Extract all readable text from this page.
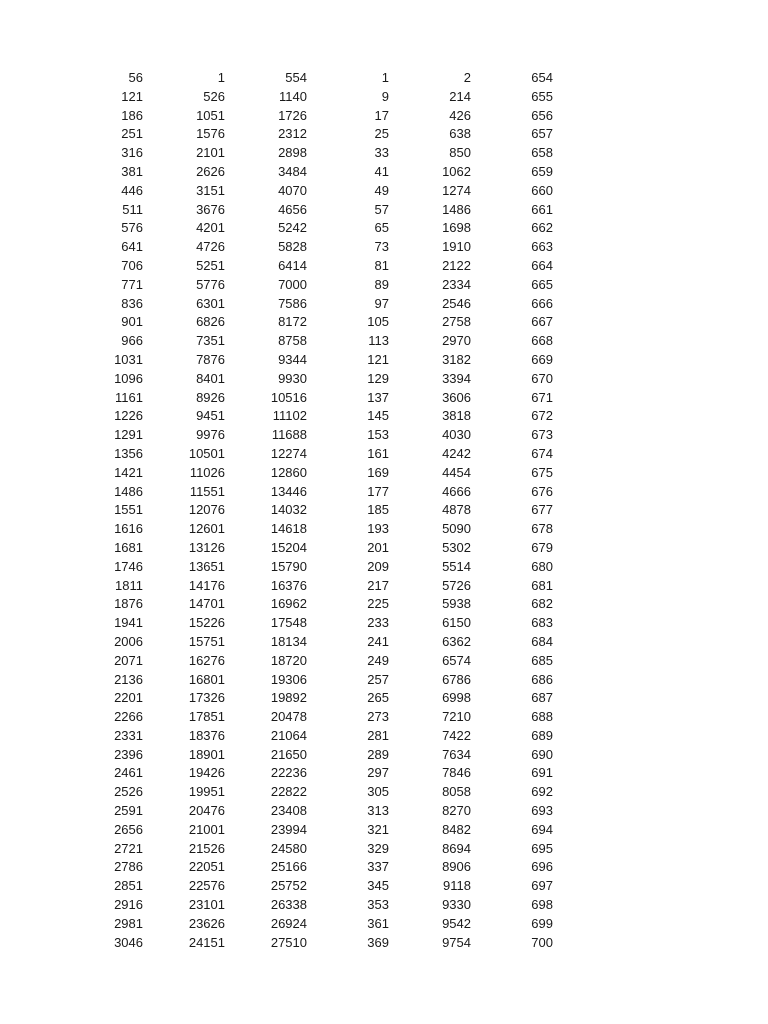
56	1	554	1	2	654
121	526	1140	9	214	655
186	1051	1726	17	426	656
251	1576	2312	25	638	657
316	2101	2898	33	850	658
381	2626	3484	41	1062	659
446	3151	4070	49	1274	660
511	3676	4656	57	1486	661
576	4201	5242	65	1698	662
641	4726	5828	73	1910	663
706	5251	6414	81	2122	664
771	5776	7000	89	2334	665
836	6301	7586	97	2546	666
901	6826	8172	105	2758	667
966	7351	8758	113	2970	668
1031	7876	9344	121	3182	669
1096	8401	9930	129	3394	670
1161	8926	10516	137	3606	671
1226	9451	11102	145	3818	672
1291	9976	11688	153	4030	673
1356	10501	12274	161	4242	674
1421	11026	12860	169	4454	675
1486	11551	13446	177	4666	676
1551	12076	14032	185	4878	677
1616	12601	14618	193	5090	678
1681	13126	15204	201	5302	679
1746	13651	15790	209	5514	680
1811	14176	16376	217	5726	681
1876	14701	16962	225	5938	682
1941	15226	17548	233	6150	683
2006	15751	18134	241	6362	684
2071	16276	18720	249	6574	685
2136	16801	19306	257	6786	686
2201	17326	19892	265	6998	687
2266	17851	20478	273	7210	688
2331	18376	21064	281	7422	689
2396	18901	21650	289	7634	690
2461	19426	22236	297	7846	691
2526	19951	22822	305	8058	692
2591	20476	23408	313	8270	693
2656	21001	23994	321	8482	694
2721	21526	24580	329	8694	695
2786	22051	25166	337	8906	696
2851	22576	25752	345	9118	697
2916	23101	26338	353	9330	698
2981	23626	26924	361	9542	699
3046	24151	27510	369	9754	700
